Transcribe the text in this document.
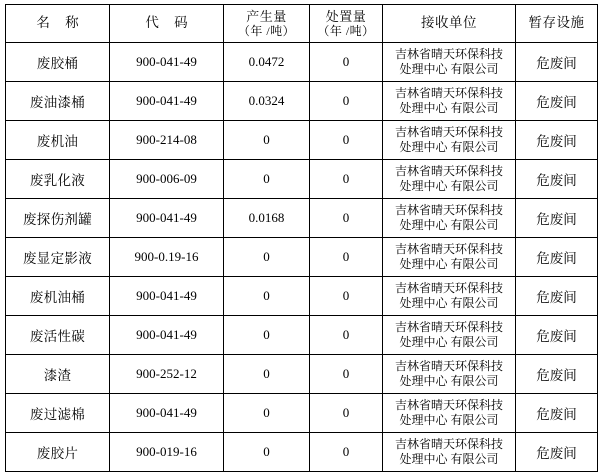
名 称	代 码	产生量
（年 /吨）	处置量
（年 /吨）	接收单位	暂存设施
废胶桶	900-041-49	0.0472	0	吉林省晴天环保科技
处理中心 有限公司	危废间
废油漆桶	900-041-49	0.0324	0	吉林省晴天环保科技
处理中心 有限公司	危废间
废机油	900-214-08	0	0	吉林省晴天环保科技
处理中心 有限公司	危废间
废乳化液	900-006-09	0	0	吉林省晴天环保科技
处理中心 有限公司	危废间
废探伤剂罐	900-041-49	0.0168	0	吉林省晴天环保科技
处理中心 有限公司	危废间
废显定影液	900-0.19-16	0	0	吉林省晴天环保科技
处理中心 有限公司	危废间
废机油桶	900-041-49	0	0	吉林省晴天环保科技
处理中心 有限公司	危废间
废活性碳	900-041-49	0	0	吉林省晴天环保科技
处理中心 有限公司	危废间
漆渣	900-252-12	0	0	吉林省晴天环保科技
处理中心 有限公司	危废间
废过滤棉	900-041-49	0	0	吉林省晴天环保科技
处理中心 有限公司	危废间
废胶片	900-019-16	0	0	吉林省晴天环保科技
处理中心 有限公司	危废间
